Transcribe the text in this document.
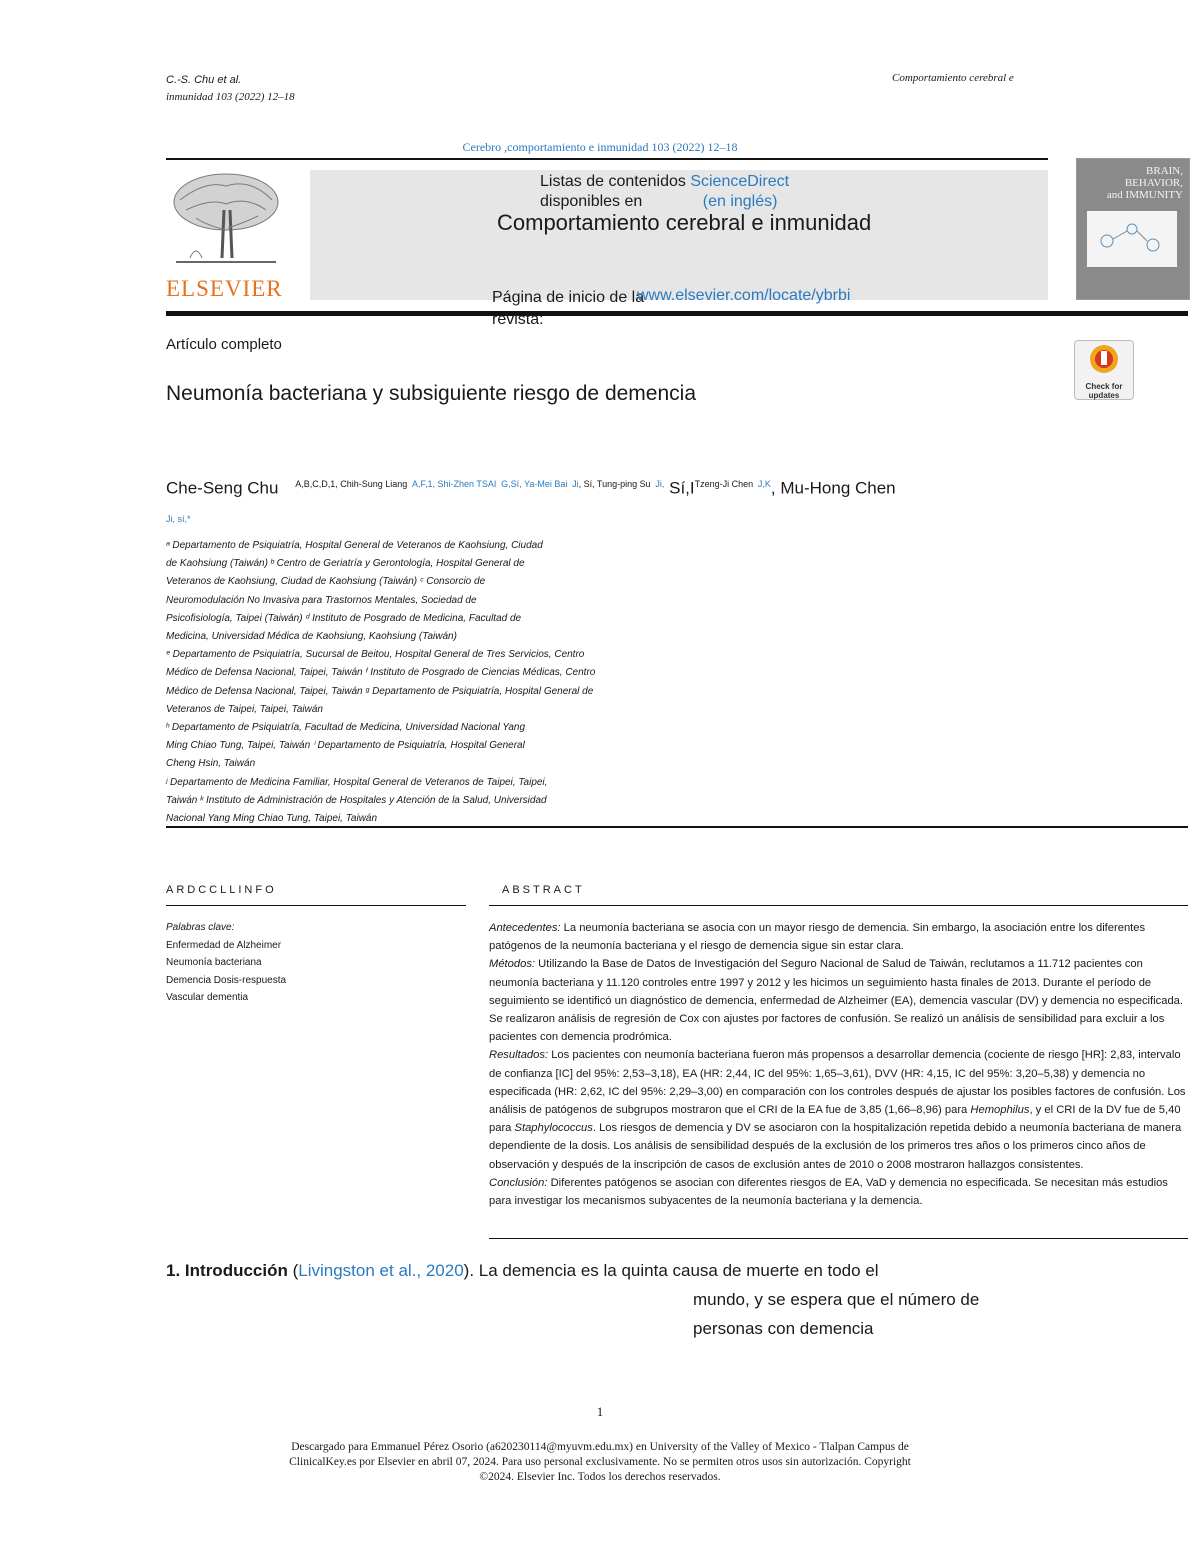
C.-S. Chu et al.
inmunidad 103 (2022) 12–18
Comportamiento cerebral e
Cerebro ,comportamiento e inmunidad 103 (2022) 12–18
ELSEVIER
Listas de contenidos ScienceDirect
disponibles en	(en inglés)
Comportamiento cerebral e inmunidad
Página de inicio de la revista:
www.elsevier.com/locate/ybrbi
BRAIN,
BEHAVIOR,
and IMMUNITY
Artículo completo
Check for
updates
Neumonía bacteriana y subsiguiente riesgo de demencia
Che-Seng Chu $^{A,B,C,D,1, Chih-Sung Liang}$ $^{A,F,1, Shi-Zhen TSAI}$ $^{G,Sí, Ya-Mei Bai}$ $^{Ji, Sí, Tung-ping Su}$ $^{Ji,}$ $Sí,I^{Tzeng-Ji Chen}$ $^{J,K}$, Mu-Hong Chen
Ji, sí,*
ᵃ Departamento de Psiquiatría, Hospital General de Veteranos de Kaohsiung, Ciudad
de Kaohsiung (Taiwán) ᵇ Centro de Geriatría y Gerontología, Hospital General de
Veteranos de Kaohsiung, Ciudad de Kaohsiung (Taiwán) ᶜ Consorcio de
Neuromodulación No Invasiva para Trastornos Mentales, Sociedad de
Psicofisiología, Taipei (Taiwán) ᵈ Instituto de Posgrado de Medicina, Facultad de
Medicina, Universidad Médica de Kaohsiung, Kaohsiung (Taiwán)
ᵉ Departamento de Psiquiatría, Sucursal de Beitou, Hospital General de Tres Servicios, Centro
Médico de Defensa Nacional, Taipei, Taiwán ᶠ Instituto de Posgrado de Ciencias Médicas, Centro
Médico de Defensa Nacional, Taipei, Taiwán ᵍ Departamento de Psiquiatría, Hospital General de
Veteranos de Taipei, Taipei, Taiwán
ʰ Departamento de Psiquiatría, Facultad de Medicina, Universidad Nacional Yang
Ming Chiao Tung, Taipei, Taiwán ⁱ Departamento de Psiquiatría, Hospital General
Cheng Hsin, Taiwán
ʲ Departamento de Medicina Familiar, Hospital General de Veteranos de Taipei, Taipei,
Taiwán ᵏ Instituto de Administración de Hospitales y Atención de la Salud, Universidad
Nacional Yang Ming Chiao Tung, Taipei, Taiwán
ARDCCLLINFO	ABSTRACT
Palabras clave:
Enfermedad de Alzheimer
Neumonía bacteriana
Demencia Dosis-respuesta
Vascular dementia
Antecedentes: La neumonía bacteriana se asocia con un mayor riesgo de demencia. Sin embargo, la asociación entre los diferentes patógenos de la neumonía bacteriana y el riesgo de demencia sigue sin estar clara.
Métodos: Utilizando la Base de Datos de Investigación del Seguro Nacional de Salud de Taiwán, reclutamos a 11.712 pacientes con neumonía bacteriana y 11.120 controles entre 1997 y 2012 y les hicimos un seguimiento hasta finales de 2013. Durante el período de seguimiento se identificó un diagnóstico de demencia, enfermedad de Alzheimer (EA), demencia vascular (DV) y demencia no especificada. Se realizaron análisis de regresión de Cox con ajustes por factores de confusión. Se realizó un análisis de sensibilidad para excluir a los pacientes con demencia prodrómica.
Resultados: Los pacientes con neumonía bacteriana fueron más propensos a desarrollar demencia (cociente de riesgo [HR]: 2,83, intervalo de confianza [IC] del 95%: 2,53–3,18), EA (HR: 2,44, IC del 95%: 1,65–3,61), DVV (HR: 4,15, IC del 95%: 3,20–5,38) y demencia no especificada (HR: 2,62, IC del 95%: 2,29–3,00) en comparación con los controles después de ajustar los posibles factores de confusión. Los análisis de patógenos de subgrupos mostraron que el CRI de la EA fue de 3,85 (1,66–8,96) para Hemophilus, y el CRI de la DV fue de 5,40 para Staphylococcus. Los riesgos de demencia y DV se asociaron con la hospitalización repetida debido a neumonía bacteriana de manera dependiente de la dosis. Los análisis de sensibilidad después de la exclusión de los primeros tres años o los primeros cinco años de observación y después de la inscripción de casos de exclusión antes de 2010 o 2008 mostraron hallazgos consistentes.
Conclusión: Diferentes patógenos se asocian con diferentes riesgos de EA, VaD y demencia no especificada. Se necesitan más estudios para investigar los mecanismos subyacentes de la neumonía bacteriana y la demencia.
1. Introducción (Livingston et al., 2020). La demencia es la quinta causa de muerte en todo el
mundo, y se espera que el número de
personas con demencia
1
Descargado para Emmanuel Pérez Osorio (a620230114@myuvm.edu.mx) en University of the Valley of Mexico - Tlalpan Campus de
ClinicalKey.es por Elsevier en abril 07, 2024. Para uso personal exclusivamente. No se permiten otros usos sin autorización. Copyright
©2024. Elsevier Inc. Todos los derechos reservados.
